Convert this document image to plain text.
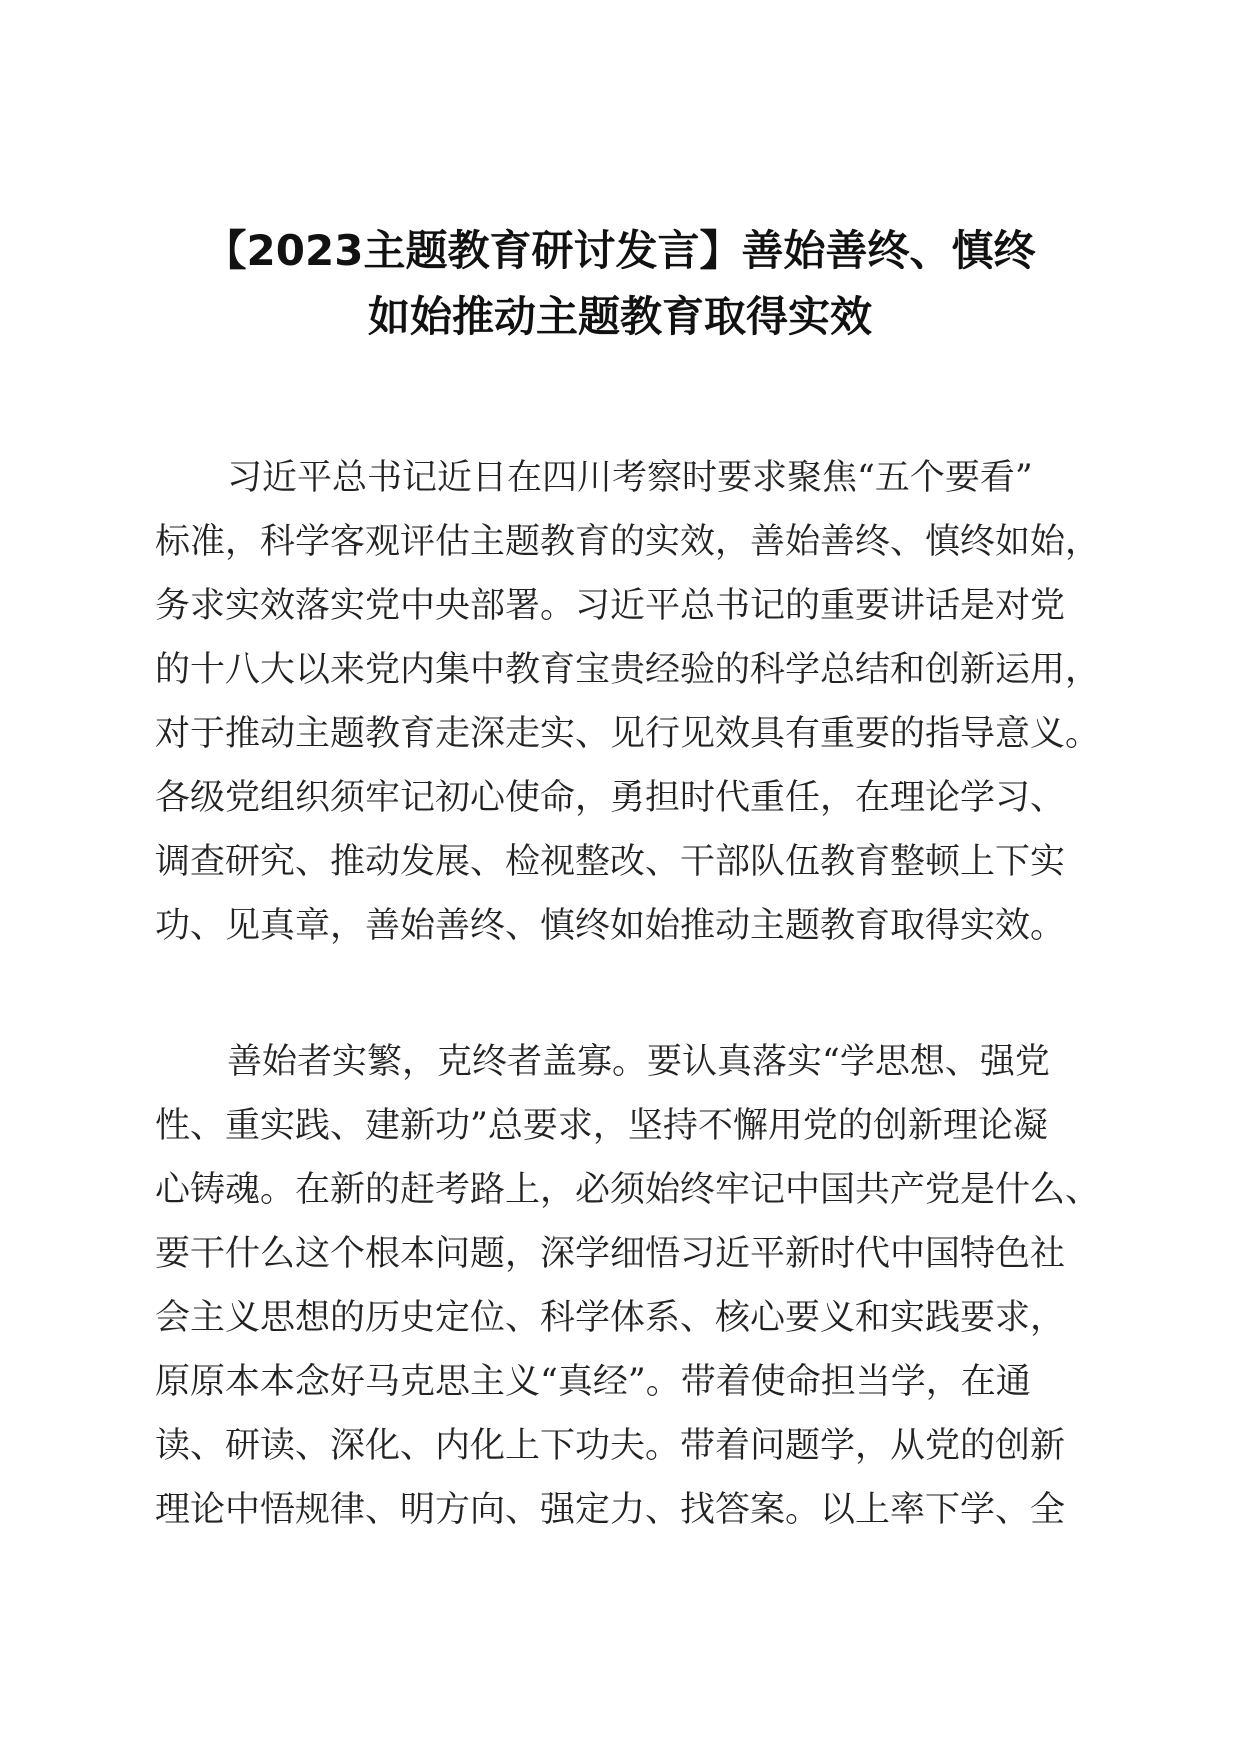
【2023主题教育研讨发言】善始善终、慎终
如始推动主题教育取得实效
习近平总书记近日在四川考察时要求聚焦“五个要看”
标准，科学客观评估主题教育的实效，善始善终、慎终如始，
务求实效落实党中央部署。习近平总书记的重要讲话是对党
的十八大以来党内集中教育宝贵经验的科学总结和创新运用，
对于推动主题教育走深走实、见行见效具有重要的指导意义。
各级党组织须牢记初心使命，勇担时代重任，在理论学习、
调查研究、推动发展、检视整改、干部队伍教育整顿上下实
功、见真章，善始善终、慎终如始推动主题教育取得实效。
善始者实繁，克终者盖寡。要认真落实“学思想、强党
性、重实践、建新功”总要求，坚持不懈用党的创新理论凝
心铸魂。在新的赶考路上，必须始终牢记中国共产党是什么、
要干什么这个根本问题，深学细悟习近平新时代中国特色社
会主义思想的历史定位、科学体系、核心要义和实践要求，
原原本本念好马克思主义“真经”。带着使命担当学，在通
读、研读、深化、内化上下功夫。带着问题学，从党的创新
理论中悟规律、明方向、强定力、找答案。以上率下学、全
